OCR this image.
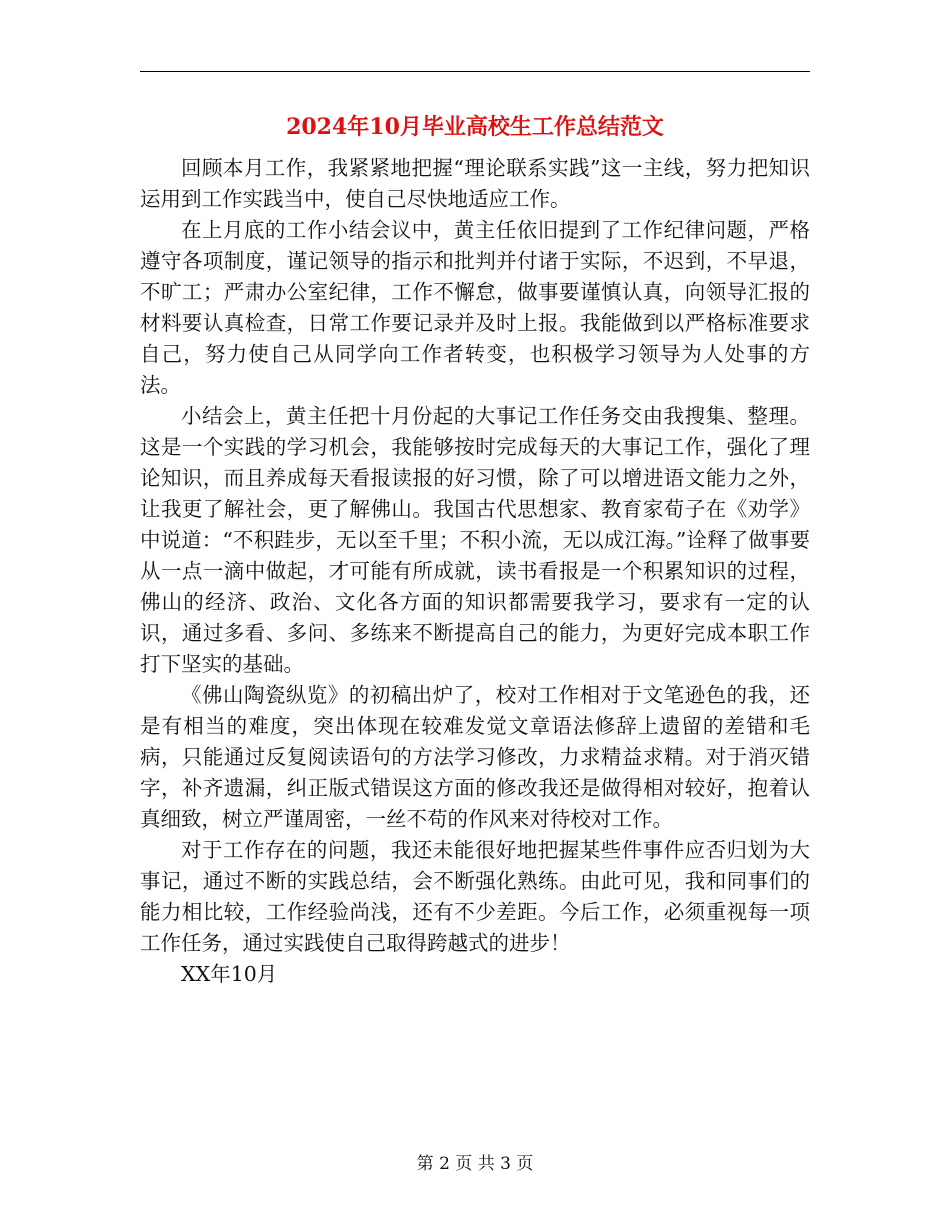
2024年10月毕业高校生工作总结范文

回顾本月工作，我紧紧地把握“理论联系实践”这一主线，努力把知识运用到工作实践当中，使自己尽快地适应工作。

在上月底的工作小结会议中，黄主任依旧提到了工作纪律问题，严格遵守各项制度，谨记领导的指示和批判并付诸于实际，不迟到，不早退，不旷工；严肃办公室纪律，工作不懈怠，做事要谨慎认真，向领导汇报的材料要认真检查，日常工作要记录并及时上报。我能做到以严格标准要求自己，努力使自己从同学向工作者转变，也积极学习领导为人处事的方法。

小结会上，黄主任把十月份起的大事记工作任务交由我搜集、整理。这是一个实践的学习机会，我能够按时完成每天的大事记工作，强化了理论知识，而且养成每天看报读报的好习惯，除了可以增进语文能力之外，让我更了解社会，更了解佛山。我国古代思想家、教育家荀子在《劝学》中说道：“不积跬步，无以至千里；不积小流，无以成江海。”诠释了做事要从一点一滴中做起，才可能有所成就，读书看报是一个积累知识的过程，佛山的经济、政治、文化各方面的知识都需要我学习，要求有一定的认识，通过多看、多问、多练来不断提高自己的能力，为更好完成本职工作打下坚实的基础。

《佛山陶瓷纵览》的初稿出炉了，校对工作相对于文笔逊色的我，还是有相当的难度，突出体现在较难发觉文章语法修辞上遗留的差错和毛病，只能通过反复阅读语句的方法学习修改，力求精益求精。对于消灭错字，补齐遗漏，纠正版式错误这方面的修改我还是做得相对较好，抱着认真细致，树立严谨周密，一丝不苟的作风来对待校对工作。

对于工作存在的问题，我还未能很好地把握某些件事件应否归划为大事记，通过不断的实践总结，会不断强化熟练。由此可见，我和同事们的能力相比较，工作经验尚浅，还有不少差距。今后工作，必须重视每一项工作任务，通过实践使自己取得跨越式的进步！

XX年10月

第 2 页 共 3 页
